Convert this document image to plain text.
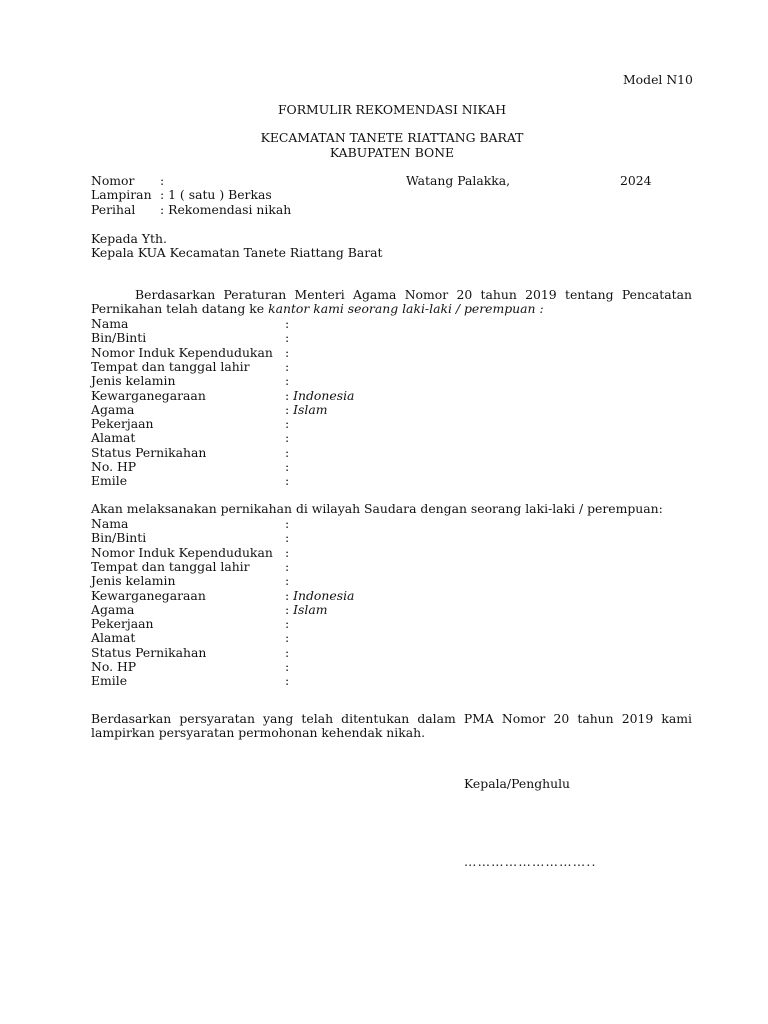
Model N10
FORMULIR REKOMENDASI NIKAH
KECAMATAN TANETE RIATTANG BARAT
KABUPATEN BONE
Nomor :	Watang Palakka,	2024
Lampiran : 1 ( satu ) Berkas
Perihal : Rekomendasi nikah
Kepada Yth.
Kepala KUA Kecamatan Tanete Riattang Barat
Berdasarkan Peraturan Menteri Agama Nomor 20 tahun 2019 tentang Pencatatan Pernikahan telah datang ke kantor kami seorang laki-laki / perempuan :
Nama	:
Bin/Binti	:
Nomor Induk Kependudukan :
Tempat dan tanggal lahir	:
Jenis kelamin	:
Kewarganegaraan	: Indonesia
Agama	: Islam
Pekerjaan	:
Alamat	:
Status Pernikahan	:
No. HP	:
Emile	:
Akan melaksanakan pernikahan di wilayah Saudara dengan seorang laki-laki / perempuan:
Nama	:
Bin/Binti	:
Nomor Induk Kependudukan :
Tempat dan tanggal lahir	:
Jenis kelamin	:
Kewarganegaraan	: Indonesia
Agama	: Islam
Pekerjaan	:
Alamat	:
Status Pernikahan	:
No. HP	:
Emile	:
Berdasarkan persyaratan yang telah ditentukan dalam PMA Nomor 20 tahun 2019 kami lampirkan persyaratan permohonan kehendak nikah.
Kepala/Penghulu
………………………..
